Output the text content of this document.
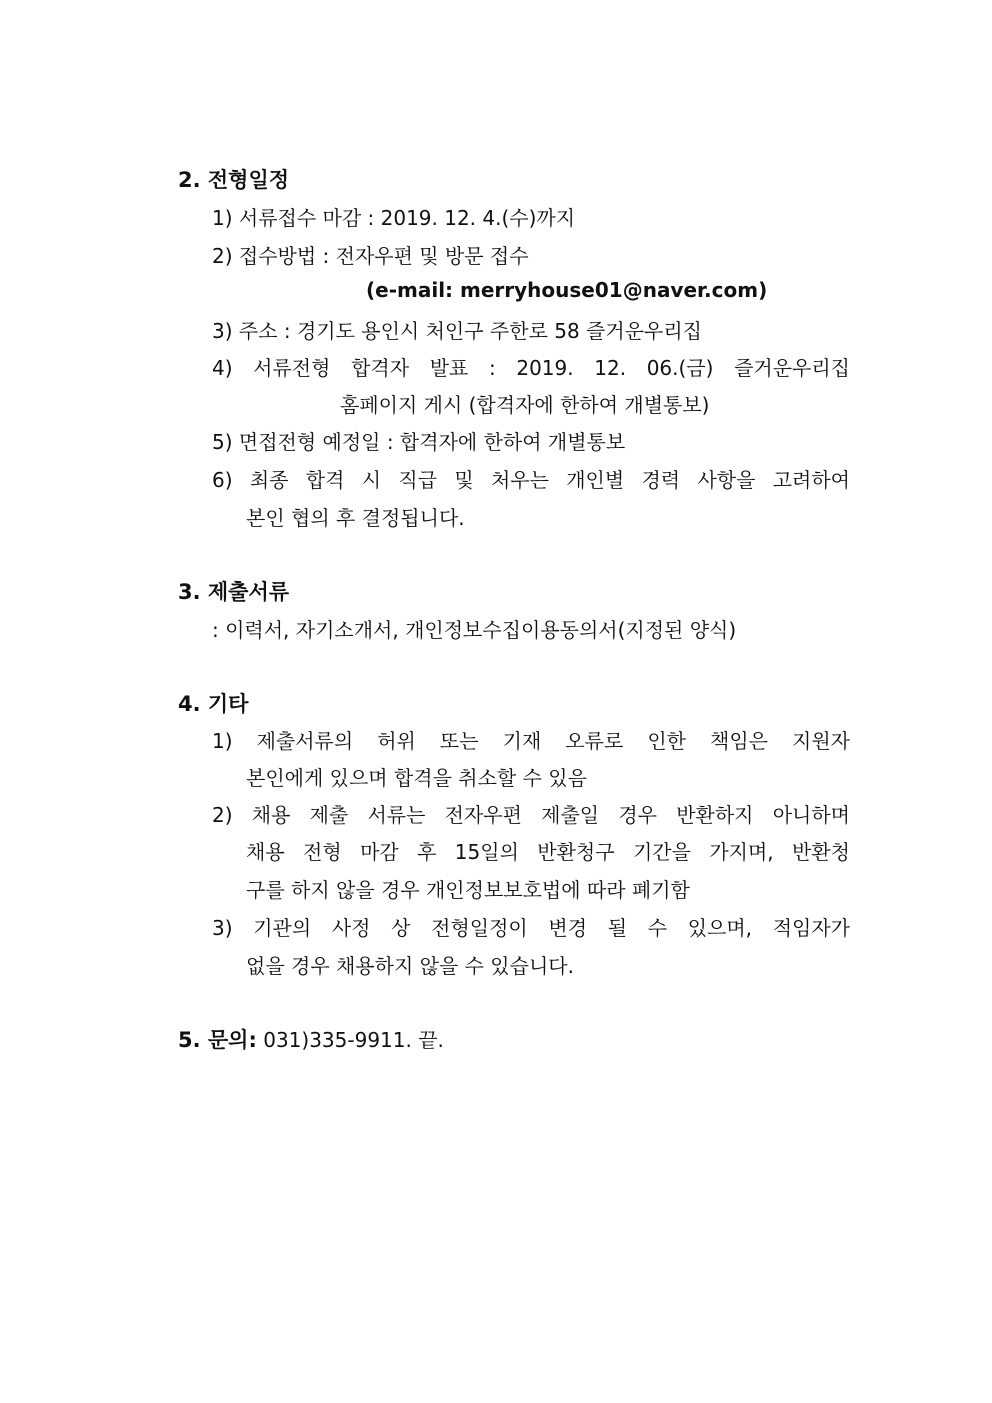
2. 전형일정
1) 서류접수 마감 : 2019. 12. 4.(수)까지
2) 접수방법 : 전자우편 및 방문 접수
(e-mail: merryhouse01@naver.com)
3) 주소 : 경기도 용인시 처인구 주한로 58 즐거운우리집
4) 서류전형 합격자 발표 : 2019. 12. 06.(금) 즐거운우리집
홈페이지 게시 (합격자에 한하여 개별통보)
5) 면접전형 예정일 : 합격자에 한하여 개별통보
6) 최종 합격 시 직급 및 처우는 개인별 경력 사항을 고려하여
본인 협의 후 결정됩니다.
3. 제출서류
: 이력서, 자기소개서, 개인정보수집이용동의서(지정된 양식)
4. 기타
1) 제출서류의 허위 또는 기재 오류로 인한 책임은 지원자
본인에게 있으며 합격을 취소할 수 있음
2) 채용 제출 서류는 전자우편 제출일 경우 반환하지 아니하며
채용 전형 마감 후 15일의 반환청구 기간을 가지며, 반환청
구를 하지 않을 경우 개인정보보호법에 따라 폐기함
3) 기관의 사정 상 전형일정이 변경 될 수 있으며, 적임자가
없을 경우 채용하지 않을 수 있습니다.
5. 문의: 031)335-9911. 끝.
